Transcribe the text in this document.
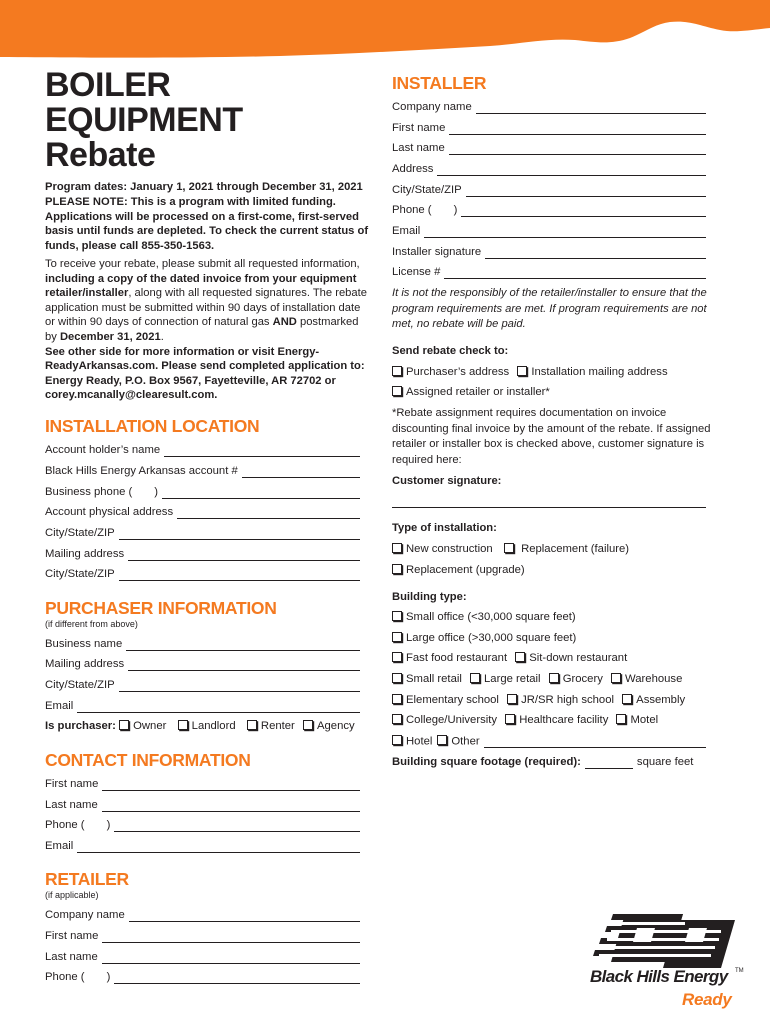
BOILER
EQUIPMENT
Rebate

Program dates: January 1, 2021 through December 31, 2021

PLEASE NOTE: This is a program with limited funding. Applications will be processed on a first-come, first-served basis until funds are depleted. To check the current status of funds, please call 855-350-1563.

To receive your rebate, please submit all requested information, including a copy of the dated invoice from your equipment retailer/installer, along with all requested signatures. The rebate application must be submitted within 90 days of installation date or within 90 days of connection of natural gas AND postmarked by December 31, 2021.
See other side for more information or visit Energy-ReadyArkansas.com. Please send completed application to: Energy Ready, P.O. Box 9567, Fayetteville, AR 72702 or corey.mcanally@clearesult.com.

INSTALLATION LOCATION
Account holder’s name
Black Hills Energy Arkansas account #
Business phone ( )
Account physical address
City/State/ZIP
Mailing address
City/State/ZIP
PURCHASER INFORMATION

(if different from above)

Business name
Mailing address
City/State/ZIP
Email
Is purchaser: Owner Landlord Renter Agency
CONTACT INFORMATION
First name
Last name
Phone ( )
Email
RETAILER

(if applicable)

Company name
First name
Last name
Phone ( )
INSTALLER
Company name
First name
Last name
Address
City/State/ZIP
Phone ( )
Email
Installer signature
License #

It is not the responsibly of the retailer/installer to ensure that the program requirements are met. If program requirements are not met, no rebate will be paid.

Send rebate check to:

Purchaser’s address Installation mailing address
Assigned retailer or installer*

*Rebate assignment requires documentation on invoice discounting final invoice by the amount of the rebate. If assigned retailer or installer box is checked above, customer signature is required here:

Customer signature:

Type of installation:

New construction	Replacement (failure)
Replacement (upgrade)

Building type:

Small office (<30,000 square feet)
Large office (>30,000 square feet)
Fast food restaurant Sit-down restaurant
Small retail Large retail Grocery Warehouse
Elementary school JR/SR high school Assembly
College/University Healthcare facility Motel
Hotel	Other
Building square footage (required):	square feet
Black Hills Energy TM
Ready
